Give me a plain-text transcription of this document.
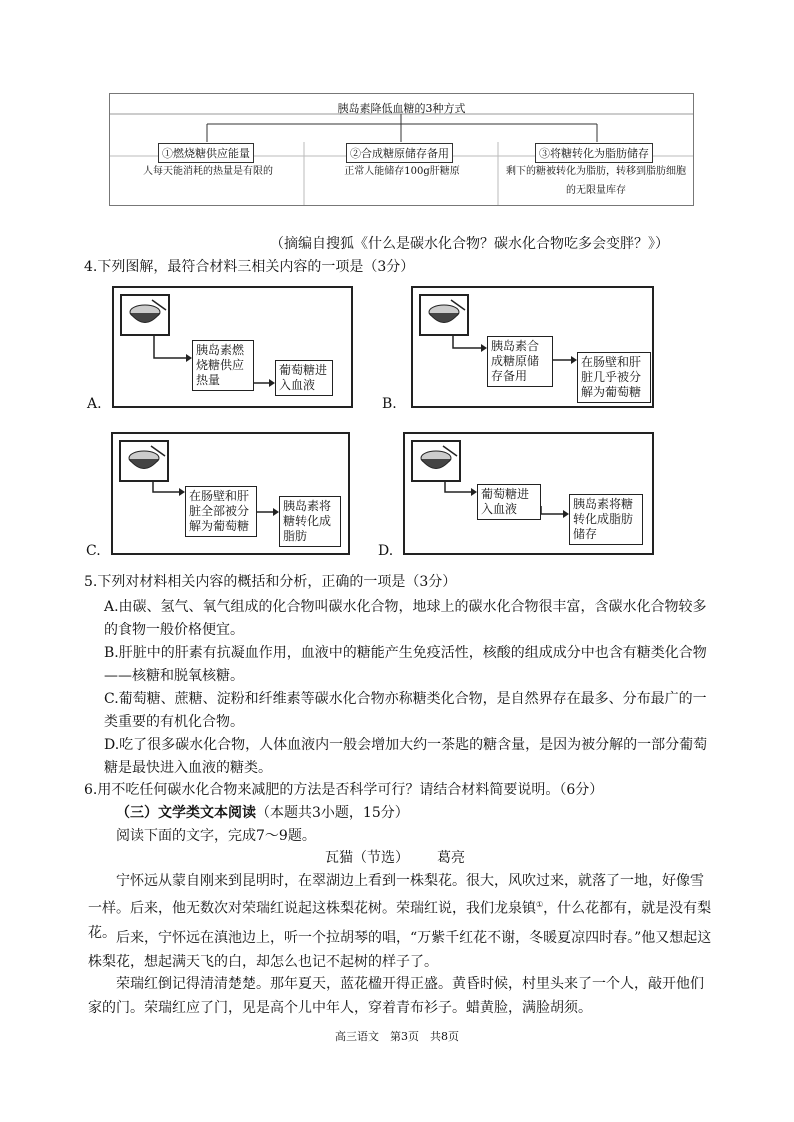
胰岛素降低血糖的3种方式
①燃烧糖供应能量	②合成糖原储存备用	③将糖转化为脂肪储存
人每天能消耗的热量是有限的	正常人能储存100g肝糖原	剩下的糖被转化为脂肪，转移到脂肪细胞的无限量库存
（摘编自搜狐《什么是碳水化合物？碳水化合物吃多会变胖？》）
4.下列图解，最符合材料三相关内容的一项是（3分）
胰岛素燃烧糖供应热量
葡萄糖进入血液
A.
胰岛素合成糖原储存备用
在肠壁和肝脏几乎被分解为葡萄糖
B.
在肠壁和肝脏全部被分解为葡萄糖
胰岛素将糖转化成脂肪
C.
葡萄糖进入血液	胰岛素将糖转化成脂肪储存
D.
5.下列对材料相关内容的概括和分析，正确的一项是（3分）
A.由碳、氢气、氧气组成的化合物叫碳水化合物，地球上的碳水化合物很丰富，含碳水化合物较多的食物一般价格便宜。
B.肝脏中的肝素有抗凝血作用，血液中的糖能产生免疫活性，核酸的组成成分中也含有糖类化合物——核糖和脱氧核糖。
C.葡萄糖、蔗糖、淀粉和纤维素等碳水化合物亦称糖类化合物，是自然界存在最多、分布最广的一类重要的有机化合物。
D.吃了很多碳水化合物，人体血液内一般会增加大约一茶匙的糖含量，是因为被分解的一部分葡萄糖是最快进入血液的糖类。
6.用不吃任何碳水化合物来减肥的方法是否科学可行？请结合材料简要说明。（6分）
（三）文学类文本阅读（本题共3小题，15分）
阅读下面的文字，完成7～9题。
瓦猫（节选） 葛亮
宁怀远从蒙自刚来到昆明时，在翠湖边上看到一株梨花。很大，风吹过来，就落了一地，好像雪一样。后来，他无数次对荣瑞红说起这株梨花树。荣瑞红说，我们龙泉镇①，什么花都有，就是没有梨花。 后来，宁怀远在滇池边上，听一个拉胡琴的唱，“万紫千红花不谢，冬暖夏凉四时春。”他又想起这株梨花，想起满天飞的白，却怎么也记不起树的样子了。
荣瑞红倒记得清清楚楚。那年夏天，蓝花楹开得正盛。黄昏时候，村里头来了一个人，敲开他们家的门。荣瑞红应了门，见是高个儿中年人，穿着青布衫子。蜡黄脸，满脸胡须。
高三语文　第3页　共8页
